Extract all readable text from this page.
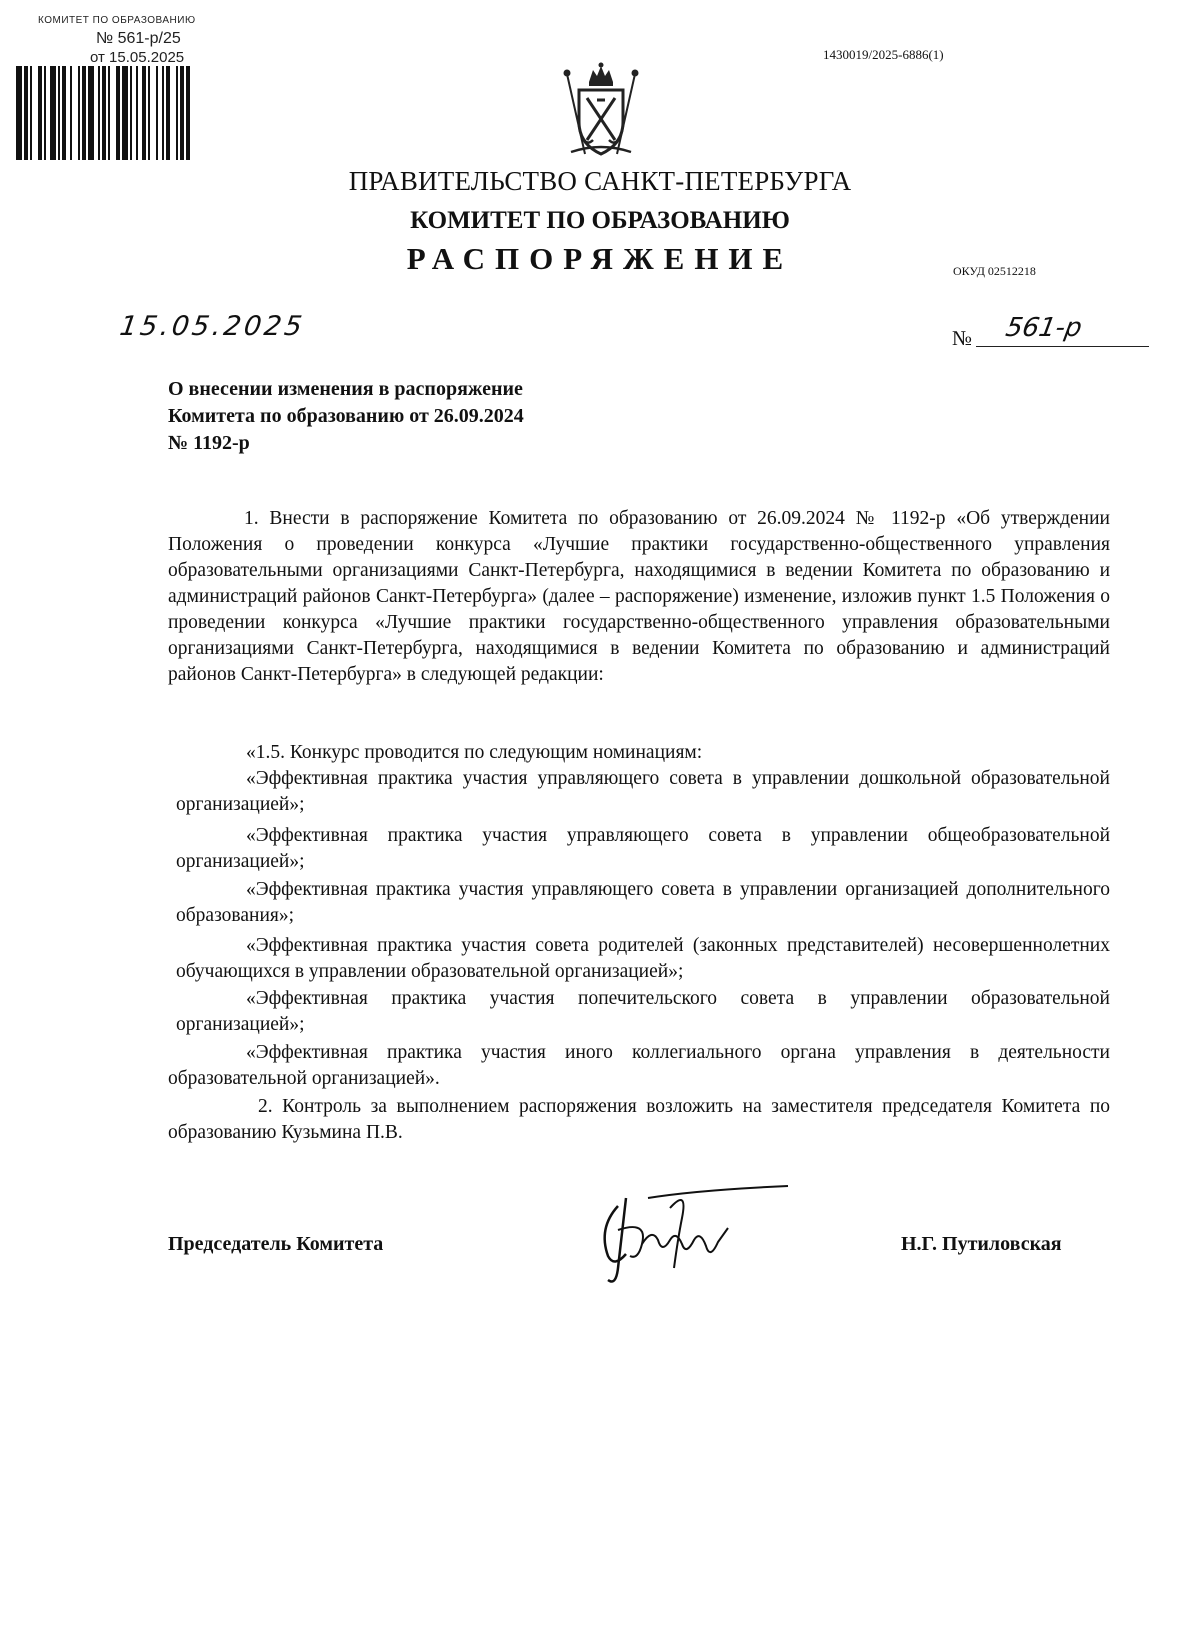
КОМИТЕТ ПО ОБРАЗОВАНИЮ
№ 561-р/25
от 15.05.2025	1430019/2025-6886(1)
ПРАВИТЕЛЬСТВО САНКТ-ПЕТЕРБУРГА
КОМИТЕТ ПО ОБРАЗОВАНИЮ
РАСПОРЯЖЕНИЕ	ОКУД 02512218
15.05.2025	№ 561-р
О внесении изменения в распоряжение
Комитета по образованию от 26.09.2024
№ 1192-р
1. Внести в распоряжение Комитета по образованию от 26.09.2024 № 1192-р «Об утверждении Положения о проведении конкурса «Лучшие практики государственно-общественного управления образовательными организациями Санкт-Петербурга, находящимися в ведении Комитета по образованию и администраций районов Санкт-Петербурга» (далее – распоряжение) изменение, изложив пункт 1.5 Положения о проведении конкурса «Лучшие практики государственно-общественного управления образовательными организациями Санкт-Петербурга, находящимися в ведении Комитета по образованию и администраций районов Санкт-Петербурга» в следующей редакции:
«1.5. Конкурс проводится по следующим номинациям:
«Эффективная практика участия управляющего совета в управлении дошкольной образовательной организацией»;
«Эффективная практика участия управляющего совета в управлении общеобразовательной организацией»;
«Эффективная практика участия управляющего совета в управлении организацией дополнительного образования»;
«Эффективная практика участия совета родителей (законных представителей) несовершеннолетних обучающихся в управлении образовательной организацией»;
«Эффективная практика участия попечительского совета в управлении образовательной организацией»;
«Эффективная практика участия иного коллегиального органа управления в деятельности образовательной организацией».
2. Контроль за выполнением распоряжения возложить на заместителя председателя Комитета по образованию Кузьмина П.В.
Председатель Комитета	Н.Г. Путиловская
